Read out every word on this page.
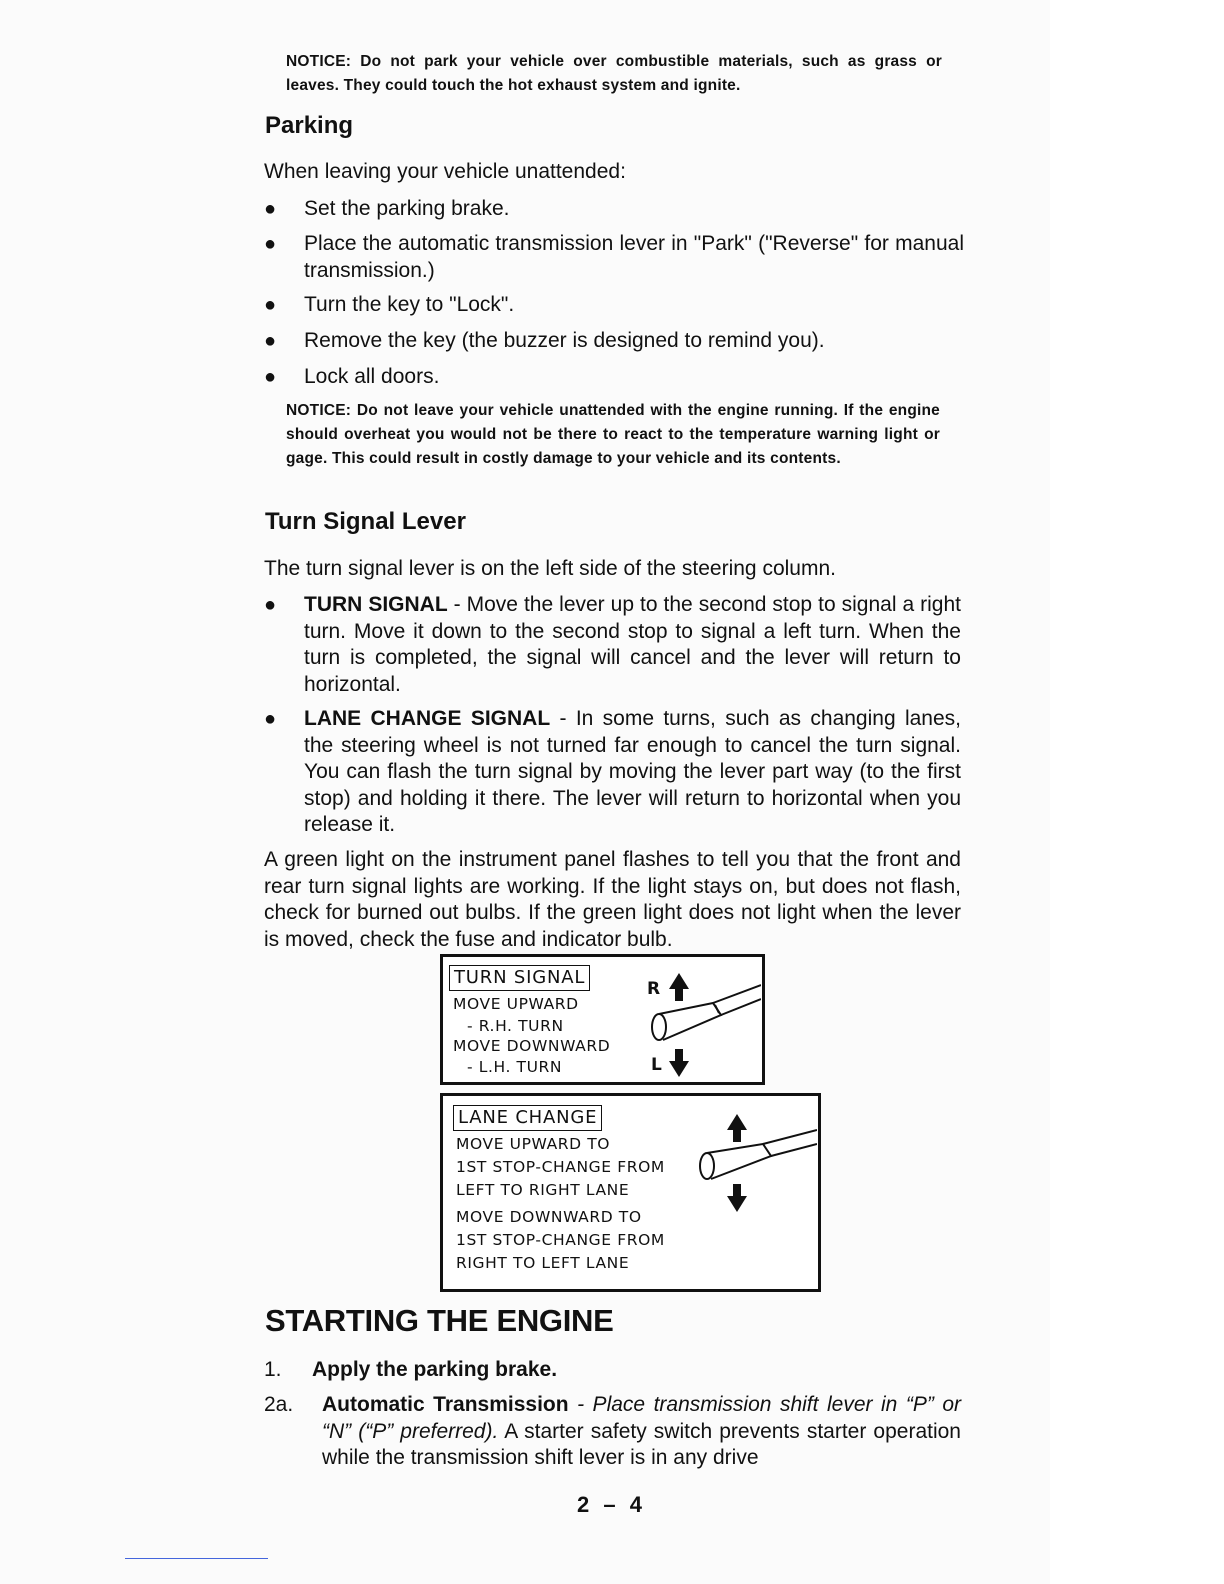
NOTICE: Do not park your vehicle over combustible materials, such as grass or leaves. They could touch the hot exhaust system and ignite.
Parking

When leaving your vehicle unattended:

●	Set the parking brake.
●	Place the automatic transmission lever in "Park" ("Reverse" for manual transmission.)
●	Turn the key to "Lock".
●	Remove the key (the buzzer is designed to remind you).
●	Lock all doors.
NOTICE: Do not leave your vehicle unattended with the engine running. If the engine should overheat you would not be there to react to the temperature warning light or gage. This could result in costly damage to your vehicle and its contents.
Turn Signal Lever

The turn signal lever is on the left side of the steering column.

●	TURN SIGNAL - Move the lever up to the second stop to signal a right turn. Move it down to the second stop to signal a left turn. When the turn is completed, the signal will cancel and the lever will return to horizontal.
●	LANE CHANGE SIGNAL - In some turns, such as changing lanes, the steering wheel is not turned far enough to cancel the turn signal. You can flash the turn signal by moving the lever part way (to the first stop) and holding it there. The lever will return to horizontal when you release it.

A green light on the instrument panel flashes to tell you that the front and rear turn signal lights are working. If the light stays on, but does not flash, check for burned out bulbs. If the green light does not light when the lever is moved, check the fuse and indicator bulb.

TURN SIGNAL
MOVE UPWARD
- R.H. TURN
MOVE DOWNWARD
- L.H. TURN
R
L
LANE CHANGE
MOVE UPWARD TO
1ST STOP-CHANGE FROM
LEFT TO RIGHT LANE
MOVE DOWNWARD TO
1ST STOP-CHANGE FROM
RIGHT TO LEFT LANE
STARTING THE ENGINE
1. Apply the parking brake.
2a. Automatic Transmission - Place transmission shift lever in “P” or “N” (“P” preferred). A starter safety switch prevents starter operation while the transmission shift lever is in any drive
2 – 4
